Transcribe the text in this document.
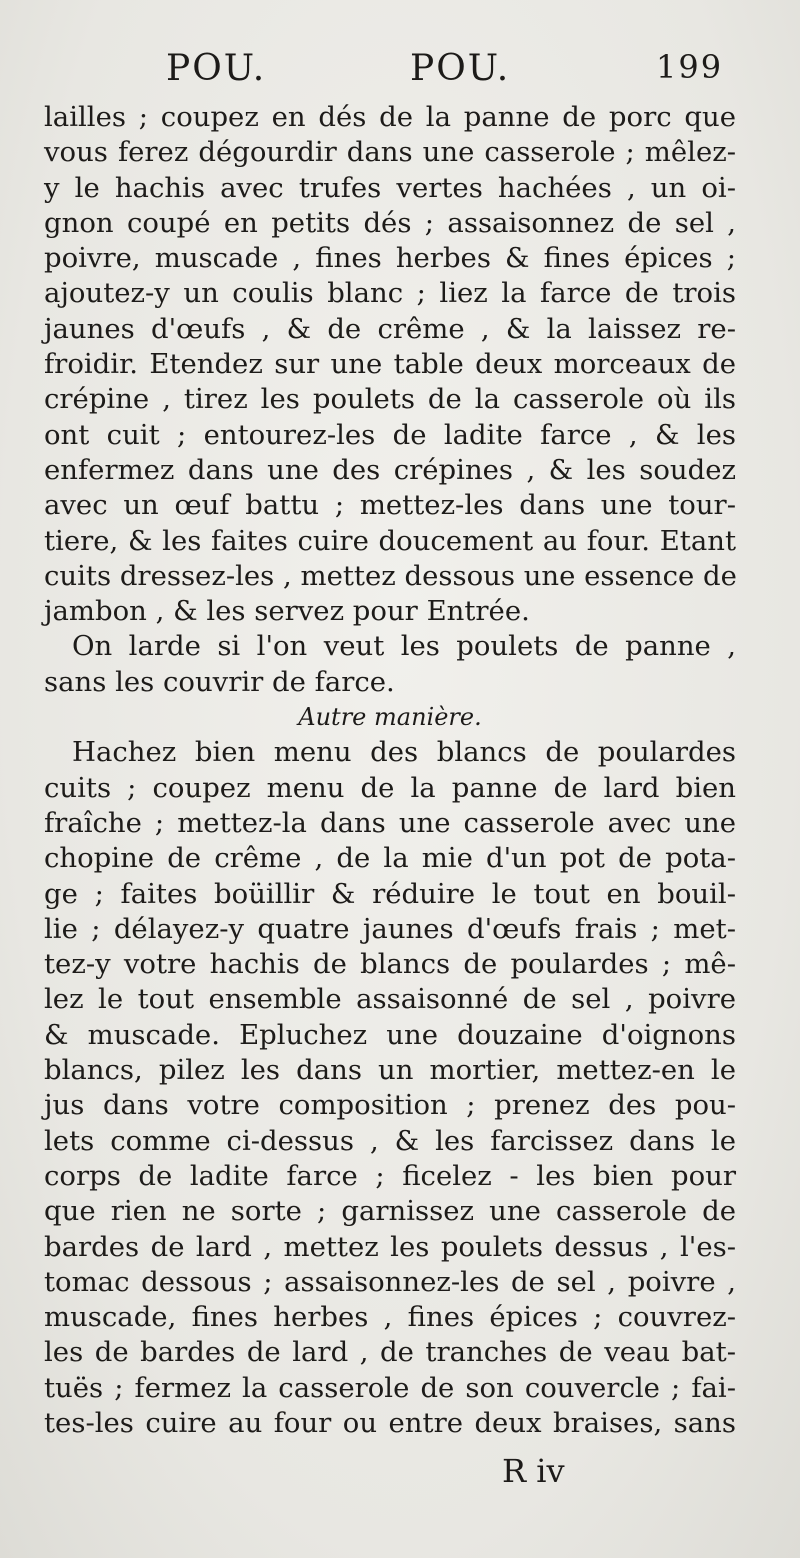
POU.	POU.	199
lailles ; coupez en dés de la panne de porc que
vous ferez dégourdir dans une casserole ; mêlez-
y le hachis avec trufes vertes hachées , un oi-
gnon coupé en petits dés ; assaisonnez de sel ,
poivre, muscade , fines herbes & fines épices ;
ajoutez-y un coulis blanc ; liez la farce de trois
jaunes d'œufs , & de crême , & la laissez re-
froidir. Etendez sur une table deux morceaux de
crépine , tirez les poulets de la casserole où ils
ont cuit ; entourez-les de ladite farce , & les
enfermez dans une des crépines , & les soudez
avec un œuf battu ; mettez-les dans une tour-
tiere, & les faites cuire doucement au four. Etant
cuits dressez-les , mettez dessous une essence de
jambon , & les servez pour Entrée.
On larde si l'on veut les poulets de panne ,
sans les couvrir de farce.
Autre manière.
Hachez bien menu des blancs de poulardes
cuits ; coupez menu de la panne de lard bien
fraîche ; mettez-la dans une casserole avec une
chopine de crême , de la mie d'un pot de pota-
ge ; faites boüillir & réduire le tout en bouil-
lie ; délayez-y quatre jaunes d'œufs frais ; met-
tez-y votre hachis de blancs de poulardes ; mê-
lez le tout ensemble assaisonné de sel , poivre
& muscade. Epluchez une douzaine d'oignons
blancs, pilez les dans un mortier, mettez-en le
jus dans votre composition ; prenez des pou-
lets comme ci-dessus , & les farcissez dans le
corps de ladite farce ; ficelez - les bien pour
que rien ne sorte ; garnissez une casserole de
bardes de lard , mettez les poulets dessus , l'es-
tomac dessous ; assaisonnez-les de sel , poivre ,
muscade, fines herbes , fines épices ; couvrez-
les de bardes de lard , de tranches de veau bat-
tuës ; fermez la casserole de son couvercle ; fai-
tes-les cuire au four ou entre deux braises, sans
R iv
